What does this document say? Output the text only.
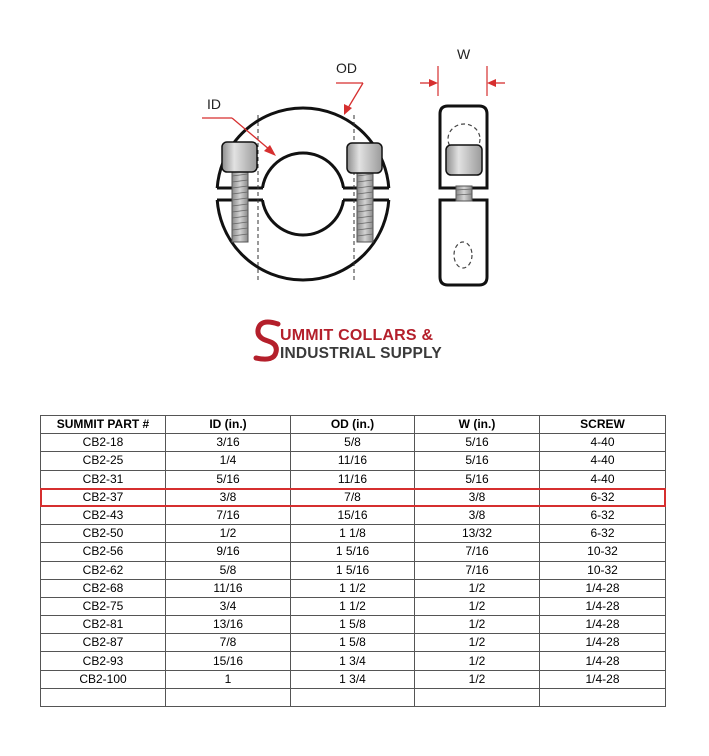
OD
ID
W
UMMIT COLLARS &
INDUSTRIAL SUPPLY
SUMMIT PART #	ID (in.)	OD (in.)	W (in.)	SCREW
CB2-18	3/16	5/8	5/16	4-40
CB2-25	1/4	11/16	5/16	4-40
CB2-31	5/16	11/16	5/16	4-40
CB2-37	3/8	7/8	3/8	6-32
CB2-43	7/16	15/16	3/8	6-32
CB2-50	1/2	1 1/8	13/32	6-32
CB2-56	9/16	1 5/16	7/16	10-32
CB2-62	5/8	1 5/16	7/16	10-32
CB2-68	11/16	1 1/2	1/2	1/4-28
CB2-75	3/4	1 1/2	1/2	1/4-28
CB2-81	13/16	1 5/8	1/2	1/4-28
CB2-87	7/8	1 5/8	1/2	1/4-28
CB2-93	15/16	1 3/4	1/2	1/4-28
CB2-100	1	1 3/4	1/2	1/4-28
